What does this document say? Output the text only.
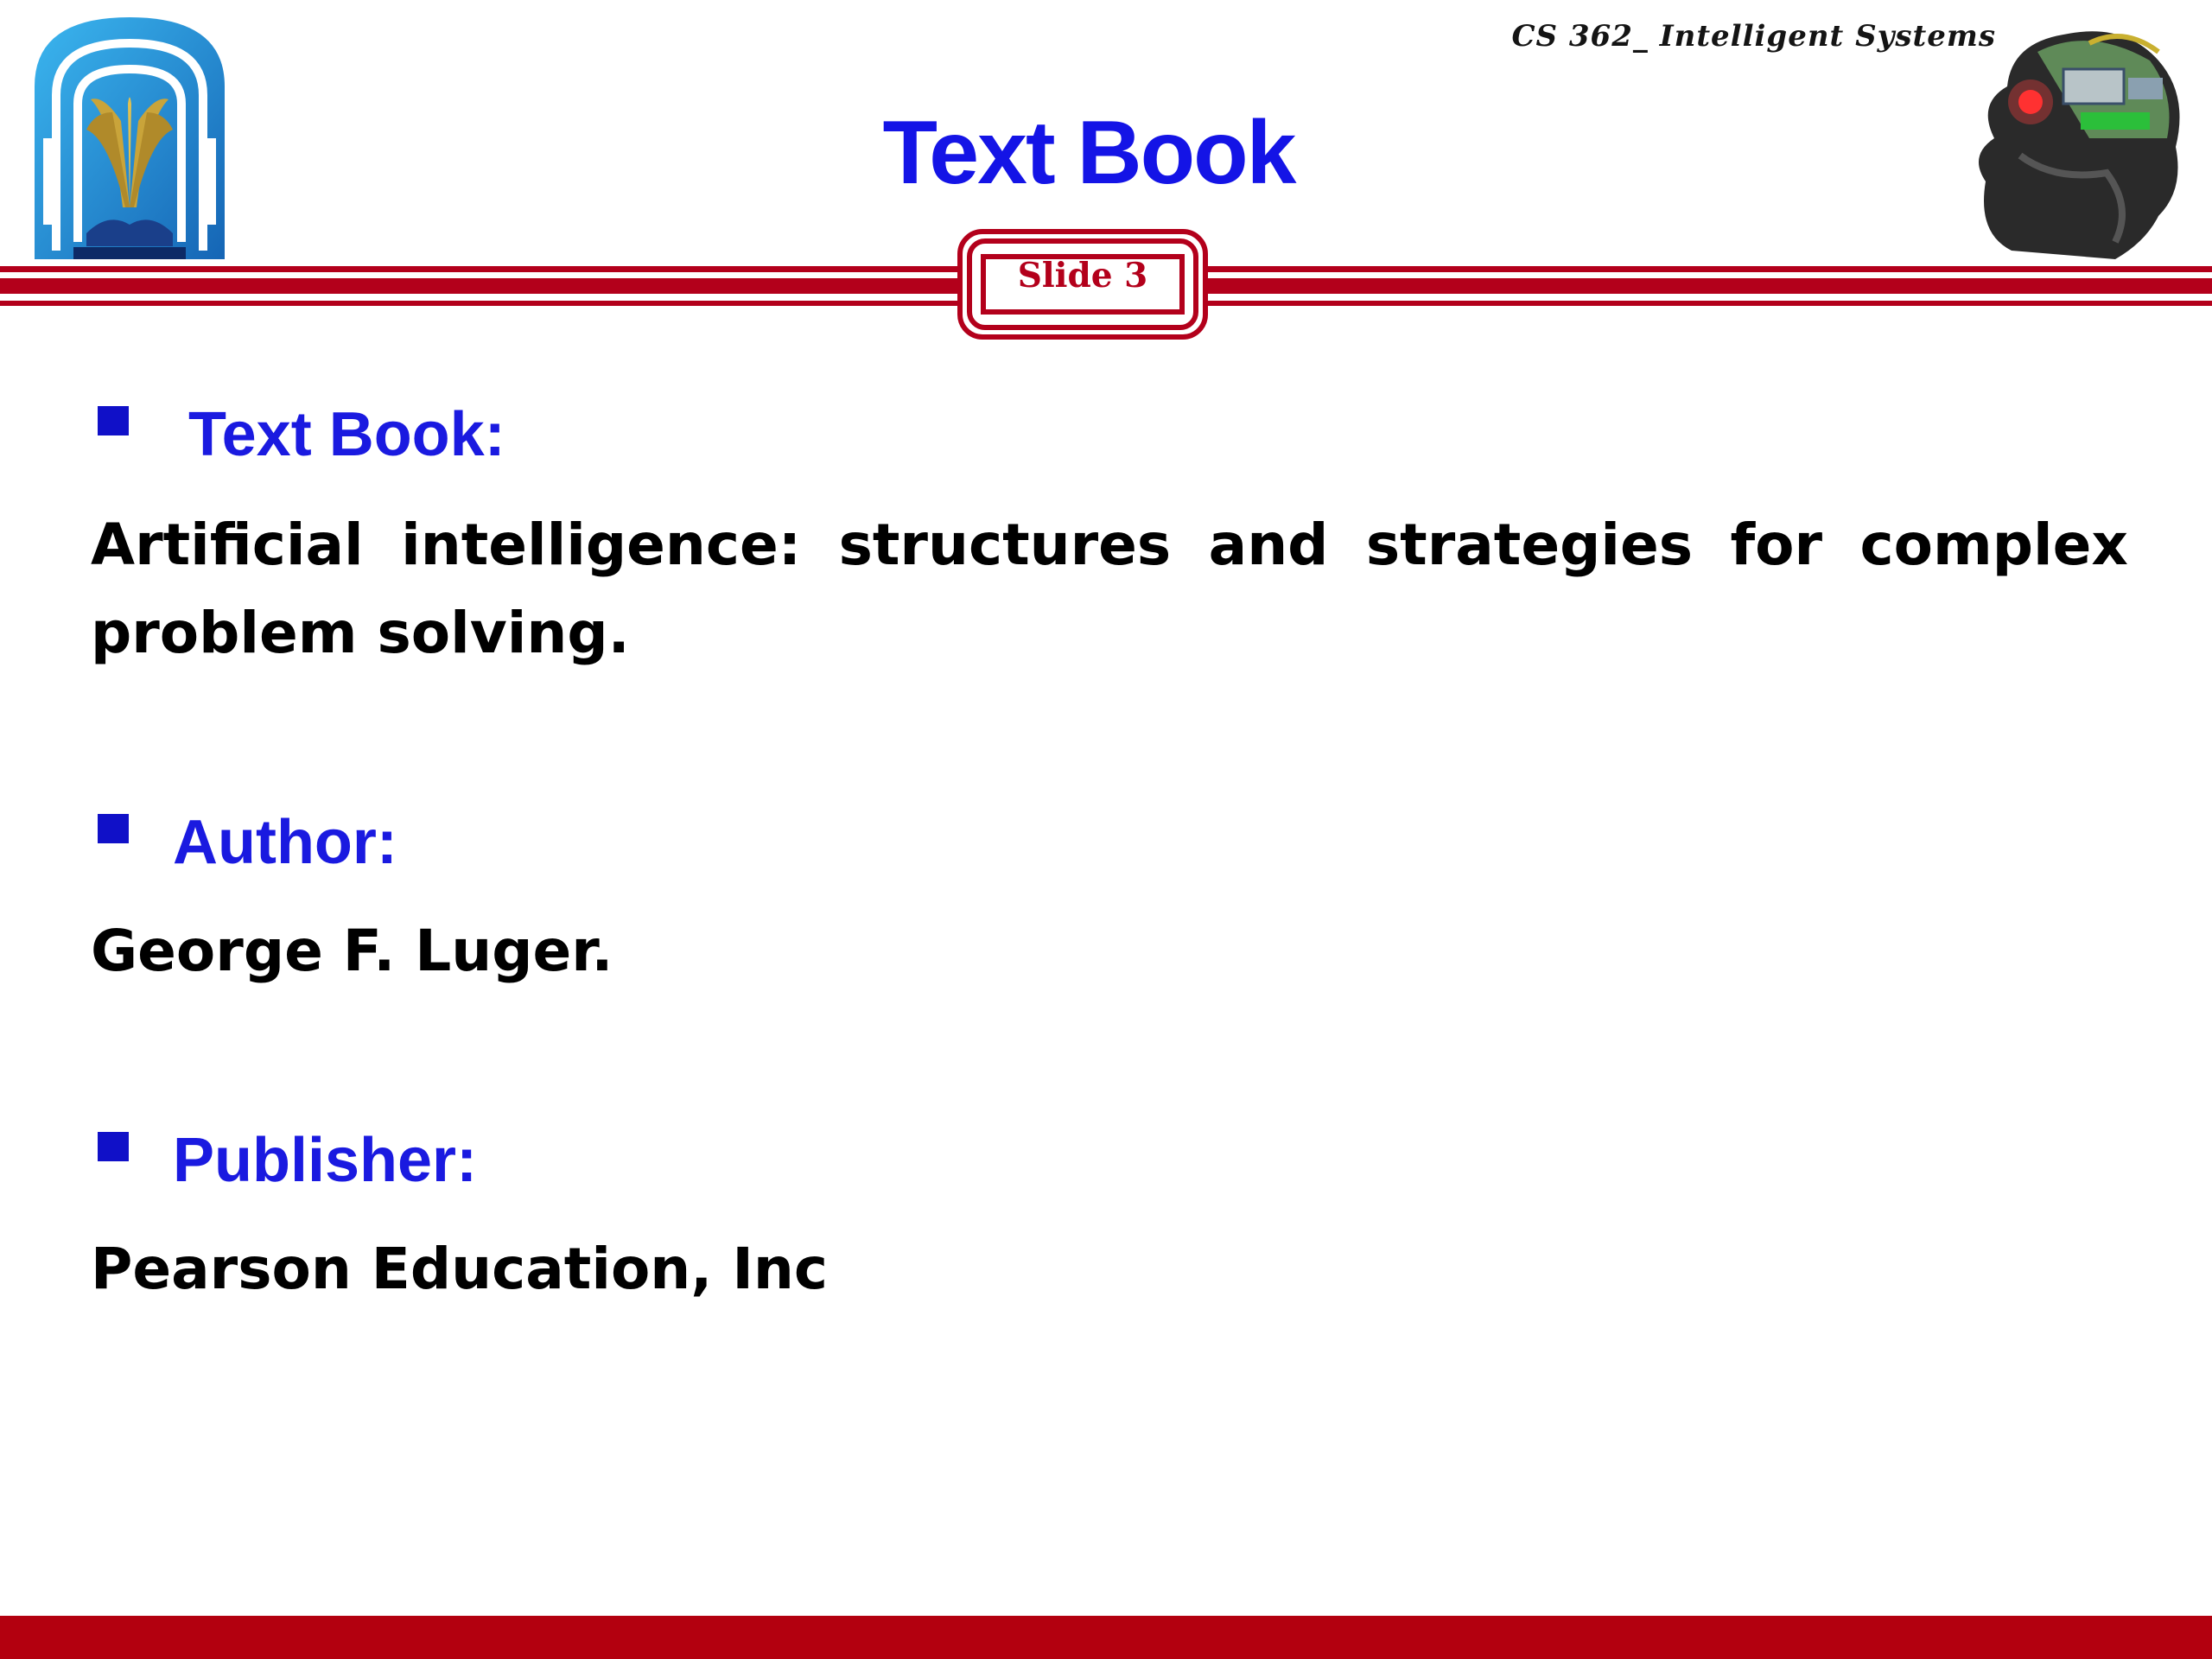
CS 362_ Intelligent Systems
Text Book
Slide 3
Text Book:
Artificial intelligence: structures and strategies for complex
problem solving.
Author:
George F. Luger.
Publisher:
Pearson Education, Inc
